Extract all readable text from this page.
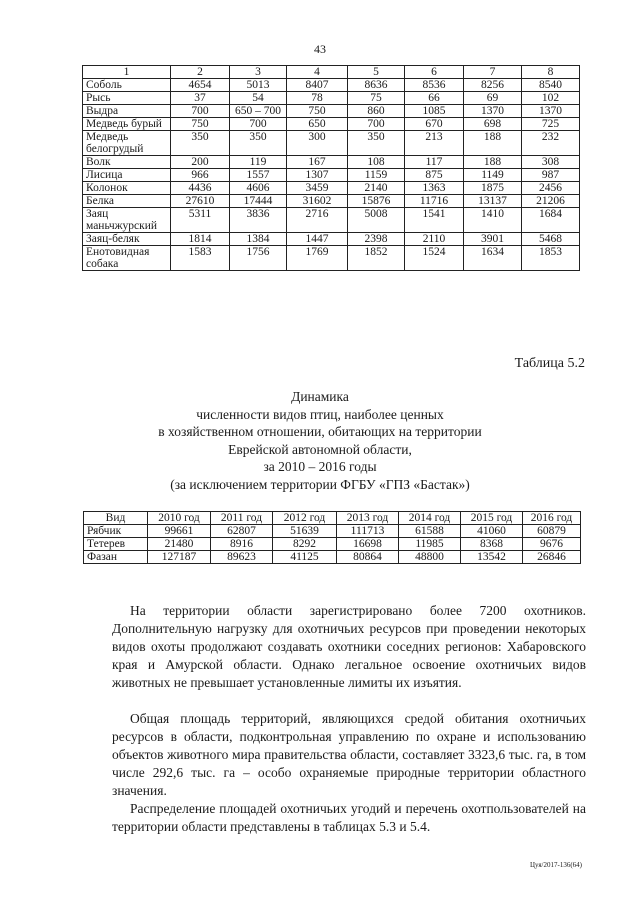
43
1	2	3	4	5	6	7	8
Соболь	4654	5013	8407	8636	8536	8256	8540
Рысь	37	54	78	75	66	69	102
Выдра	700	650 – 700	750	860	1085	1370	1370
Медведь бурый	750	700	650	700	670	698	725
Медведь белогрудый	350	350	300	350	213	188	232
Волк	200	119	167	108	117	188	308
Лисица	966	1557	1307	1159	875	1149	987
Колонок	4436	4606	3459	2140	1363	1875	2456
Белка	27610	17444	31602	15876	11716	13137	21206
Заяц маньчжурский	5311	3836	2716	5008	1541	1410	1684
Заяц-беляк	1814	1384	1447	2398	2110	3901	5468
Енотовидная собака	1583	1756	1769	1852	1524	1634	1853
Таблица 5.2
Динамика
численности видов птиц, наиболее ценных
в хозяйственном отношении, обитающих на территории
Еврейской автономной области,
за 2010 – 2016 годы
(за исключением территории ФГБУ «ГПЗ «Бастак»)
Вид	2010 год	2011 год	2012 год	2013 год	2014 год	2015 год	2016 год
Рябчик	99661	62807	51639	111713	61588	41060	60879
Тетерев	21480	8916	8292	16698	11985	8368	9676
Фазан	127187	89623	41125	80864	48800	13542	26846
На территории области зарегистрировано более 7200 охотников. Дополнительную нагрузку для охотничьих ресурсов при проведении некоторых видов охоты продолжают создавать охотники соседних регионов: Хабаровского края и Амурской области. Однако легальное освоение охотничьих видов животных не превышает установленные лимиты их изъятия.
Общая площадь территорий, являющихся средой обитания охотничьих ресурсов в области, подконтрольная управлению по охране и использованию объектов животного мира правительства области, составляет 3323,6 тыс. га, в том числе 292,6 тыс. га – особо охраняемые природные территории областного значения.
Распределение площадей охотничьих угодий и перечень охотпользователей на территории области представлены в таблицах 5.3 и 5.4.
Цуя/2017-136(64)
